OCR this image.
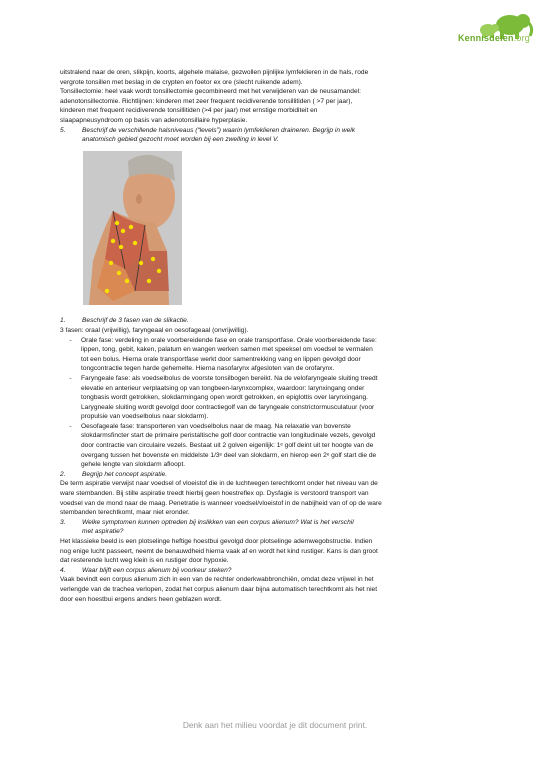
Kennisdelen.org

uitstralend naar de oren, slikpijn, koorts, algehele malaise, gezwollen pijnlijke lymfeklieren in de hals, rode

vergrote tonsillen met beslag in de crypten en foetor ex ore (slecht ruikende adem).

Tonsillectomie: heel vaak wordt tonsillectomie gecombineerd met het verwijderen van de neusamandel:

adenotonsillectomie. Richtlijnen: kinderen met zeer frequent recidiverende tonsillitiden ( >7 per jaar),

kinderen met frequent recidiverende tonsillitiden (>4 per jaar) met ernstige morbiditeit en

slaapapneusyndroom op basis van adenotonsillaire hyperplasie.

5.	Beschrijf de verschillende halsniveaus (“levels”) waarin lymfeklieren draineren. Begrijp in welk
anatomisch gebied gezocht moet worden bij een zwelling in level V.
1.	Beschrijf de 3 fasen van de slikactie.

3 fasen: oraal (vrijwillig), faryngeaal en oesofageaal (onvrijwillig).

-	Orale fase: verdeling in orale voorbereidende fase en orale transportfase. Orale voorbereidende fase:
lippen, tong, gebit, kaken, palatum en wangen werken samen met speeksel om voedsel te vermalen
tot een bolus. Hierna orale transportfase werkt door samentrekking vang en lippen gevolgd door
tongcontractie tegen harde gehemelte. Hierna nasofarynx afgesloten van de orofarynx.
-	Faryngeale fase: als voedselbolus de voorste tonsilbogen bereikt. Na de velofaryngeale sluiting treedt
elevatie en anterieur verplaatsing op van tongbeen-larynxcomplex, waardoor: larynxingang onder
tongbasis wordt getrokken, slokdarmingang open wordt getrokken, en epiglottis over larynxingang.
Larygneale sluiting wordt gevolgd door contractiegolf van de faryngeale constrictormusculatuur (voor
propulsie van voedselbolus naar slokdarm).
-	Oesofageale fase: transporteren van voedselbolus naar de maag. Na relaxatie van bovenste
slokdarmsfincter start de primaire peristaltische golf door contractie van longitudinale vezels, gevolgd
door contractie van circulaire vezels. Bestaat uit 2 golven eigenlijk: 1ᵉ golf deint uit ter hoogte van de
overgang tussen het bovenste en middelste 1/3ᵉ deel van slokdarm, en hierop een 2ᵉ golf start die de
gehele lengte van slokdarm afloopt.
2.	Begrijp het concept aspiratie.

De term aspiratie verwijst naar voedsel of vloeistof die in de luchtwegen terechtkomt onder het niveau van de

ware stembanden. Bij stille aspiratie treedt hierbij geen hoestreflex op. Dysfagie is verstoord transport van

voedsel van de mond naar de maag. Penetratie is wanneer voedsel/vloeistof in de nabijheid van of op de ware

stembanden terechtkomt, maar niet eronder.

3.	Welke symptomen kunnen optreden bij inslikken van een corpus alienum? Wat is het verschil
met aspiratie?

Het klassieke beeld is een plotselinge heftige hoestbui gevolgd door plotselinge ademwegobstructie. Indien

nog enige lucht passeert, neemt de benauwdheid hierna vaak af en wordt het kind rustiger. Kans is dan groot

dat resterende lucht weg klein is en rustiger door hypoxie.

4.	Waar blijft een corpus alienum bij voorkeur steken?

Vaak bevindt een corpus alienum zich in een van de rechter onderkwabbronchiën, omdat deze vrijwel in het

verlengde van de trachea verlopen, zodat het corpus alienum daar bijna automatisch terechtkomt als het niet

door een hoestbui ergens anders heen geblazen wordt.

Denk aan het milieu voordat je dit document print.
